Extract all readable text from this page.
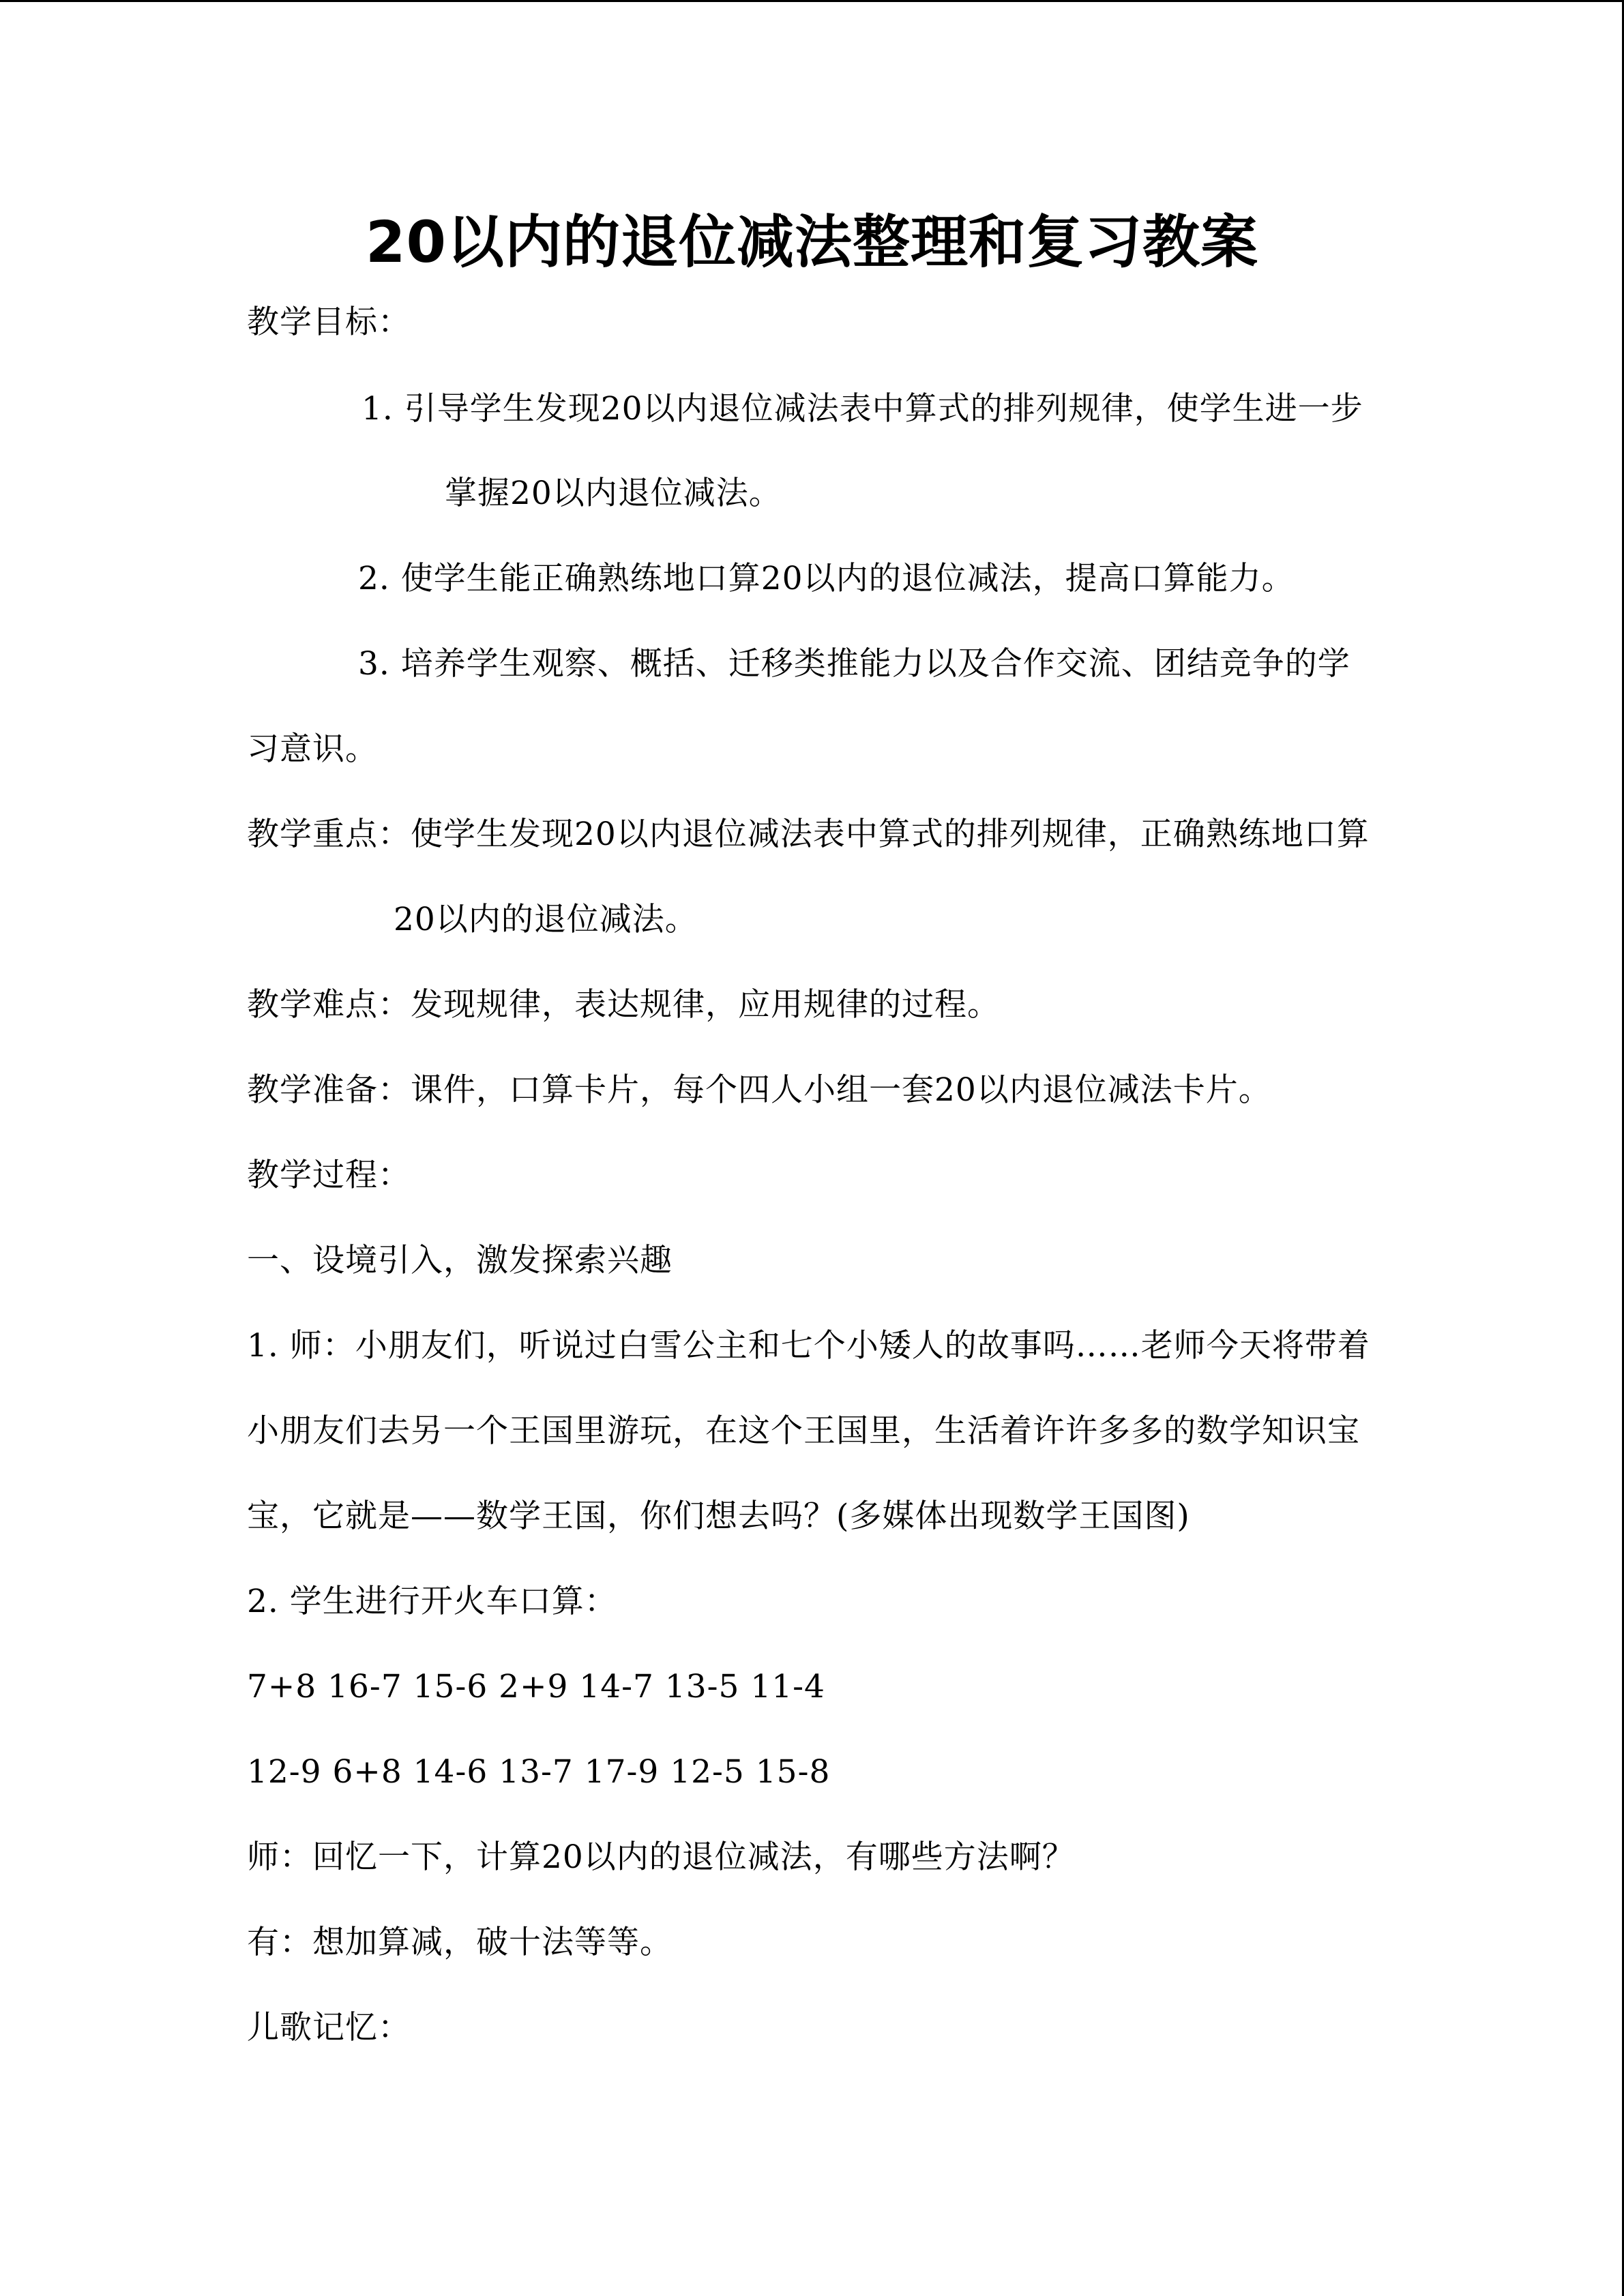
20以内的退位减法整理和复习教案
教学目标：
1. 引导学生发现20以内退位减法表中算式的排列规律，使学生进一步
掌握20以内退位减法。
2. 使学生能正确熟练地口算20以内的退位减法，提高口算能力。
3. 培养学生观察、概括、迁移类推能力以及合作交流、团结竞争的学
习意识。
教学重点：使学生发现20以内退位减法表中算式的排列规律，正确熟练地口算
20以内的退位减法。
教学难点：发现规律，表达规律，应用规律的过程。
教学准备：课件，口算卡片，每个四人小组一套20以内退位减法卡片。
教学过程：
一、设境引入，激发探索兴趣
1. 师：小朋友们，听说过白雪公主和七个小矮人的故事吗……老师今天将带着
小朋友们去另一个王国里游玩，在这个王国里，生活着许许多多的数学知识宝
宝，它就是——数学王国，你们想去吗？(多媒体出现数学王国图)
2. 学生进行开火车口算：
7+8 16-7 15-6 2+9 14-7 13-5 11-4
12-9 6+8 14-6 13-7 17-9 12-5 15-8
师：回忆一下，计算20以内的退位减法，有哪些方法啊？
有：想加算减，破十法等等。
儿歌记忆：
